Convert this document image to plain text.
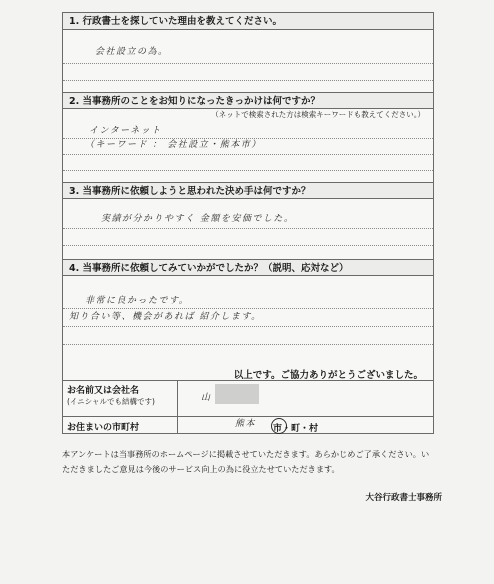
1. 行政書士を探していた理由を教えてください。
会社設立の為。
2. 当事務所のことをお知りになったきっかけは何ですか？
（ネットで検索された方は検索キーワードも教えてください。）
インターネット
（キーワード ： 会社設立・熊本市）
3. 当事務所に依頼しようと思われた決め手は何ですか？
実績が分かりやすく 金額を安価でした。
4. 当事務所に依頼してみていかがでしたか？（説明、応対など）
非常に良かったです。
知り合い等、機会があれば 紹介します。
以上です。ご協力ありがとうございました。
お名前又は会社名
(イニシャルでも結構です)	山
お住まいの市町村	熊本 市・町・村
本アンケートは当事務所のホームページに掲載させていただきます。あらかじめご了承ください。いただきましたご意見は今後のサービス向上の為に役立たせていただきます。
大谷行政書士事務所
